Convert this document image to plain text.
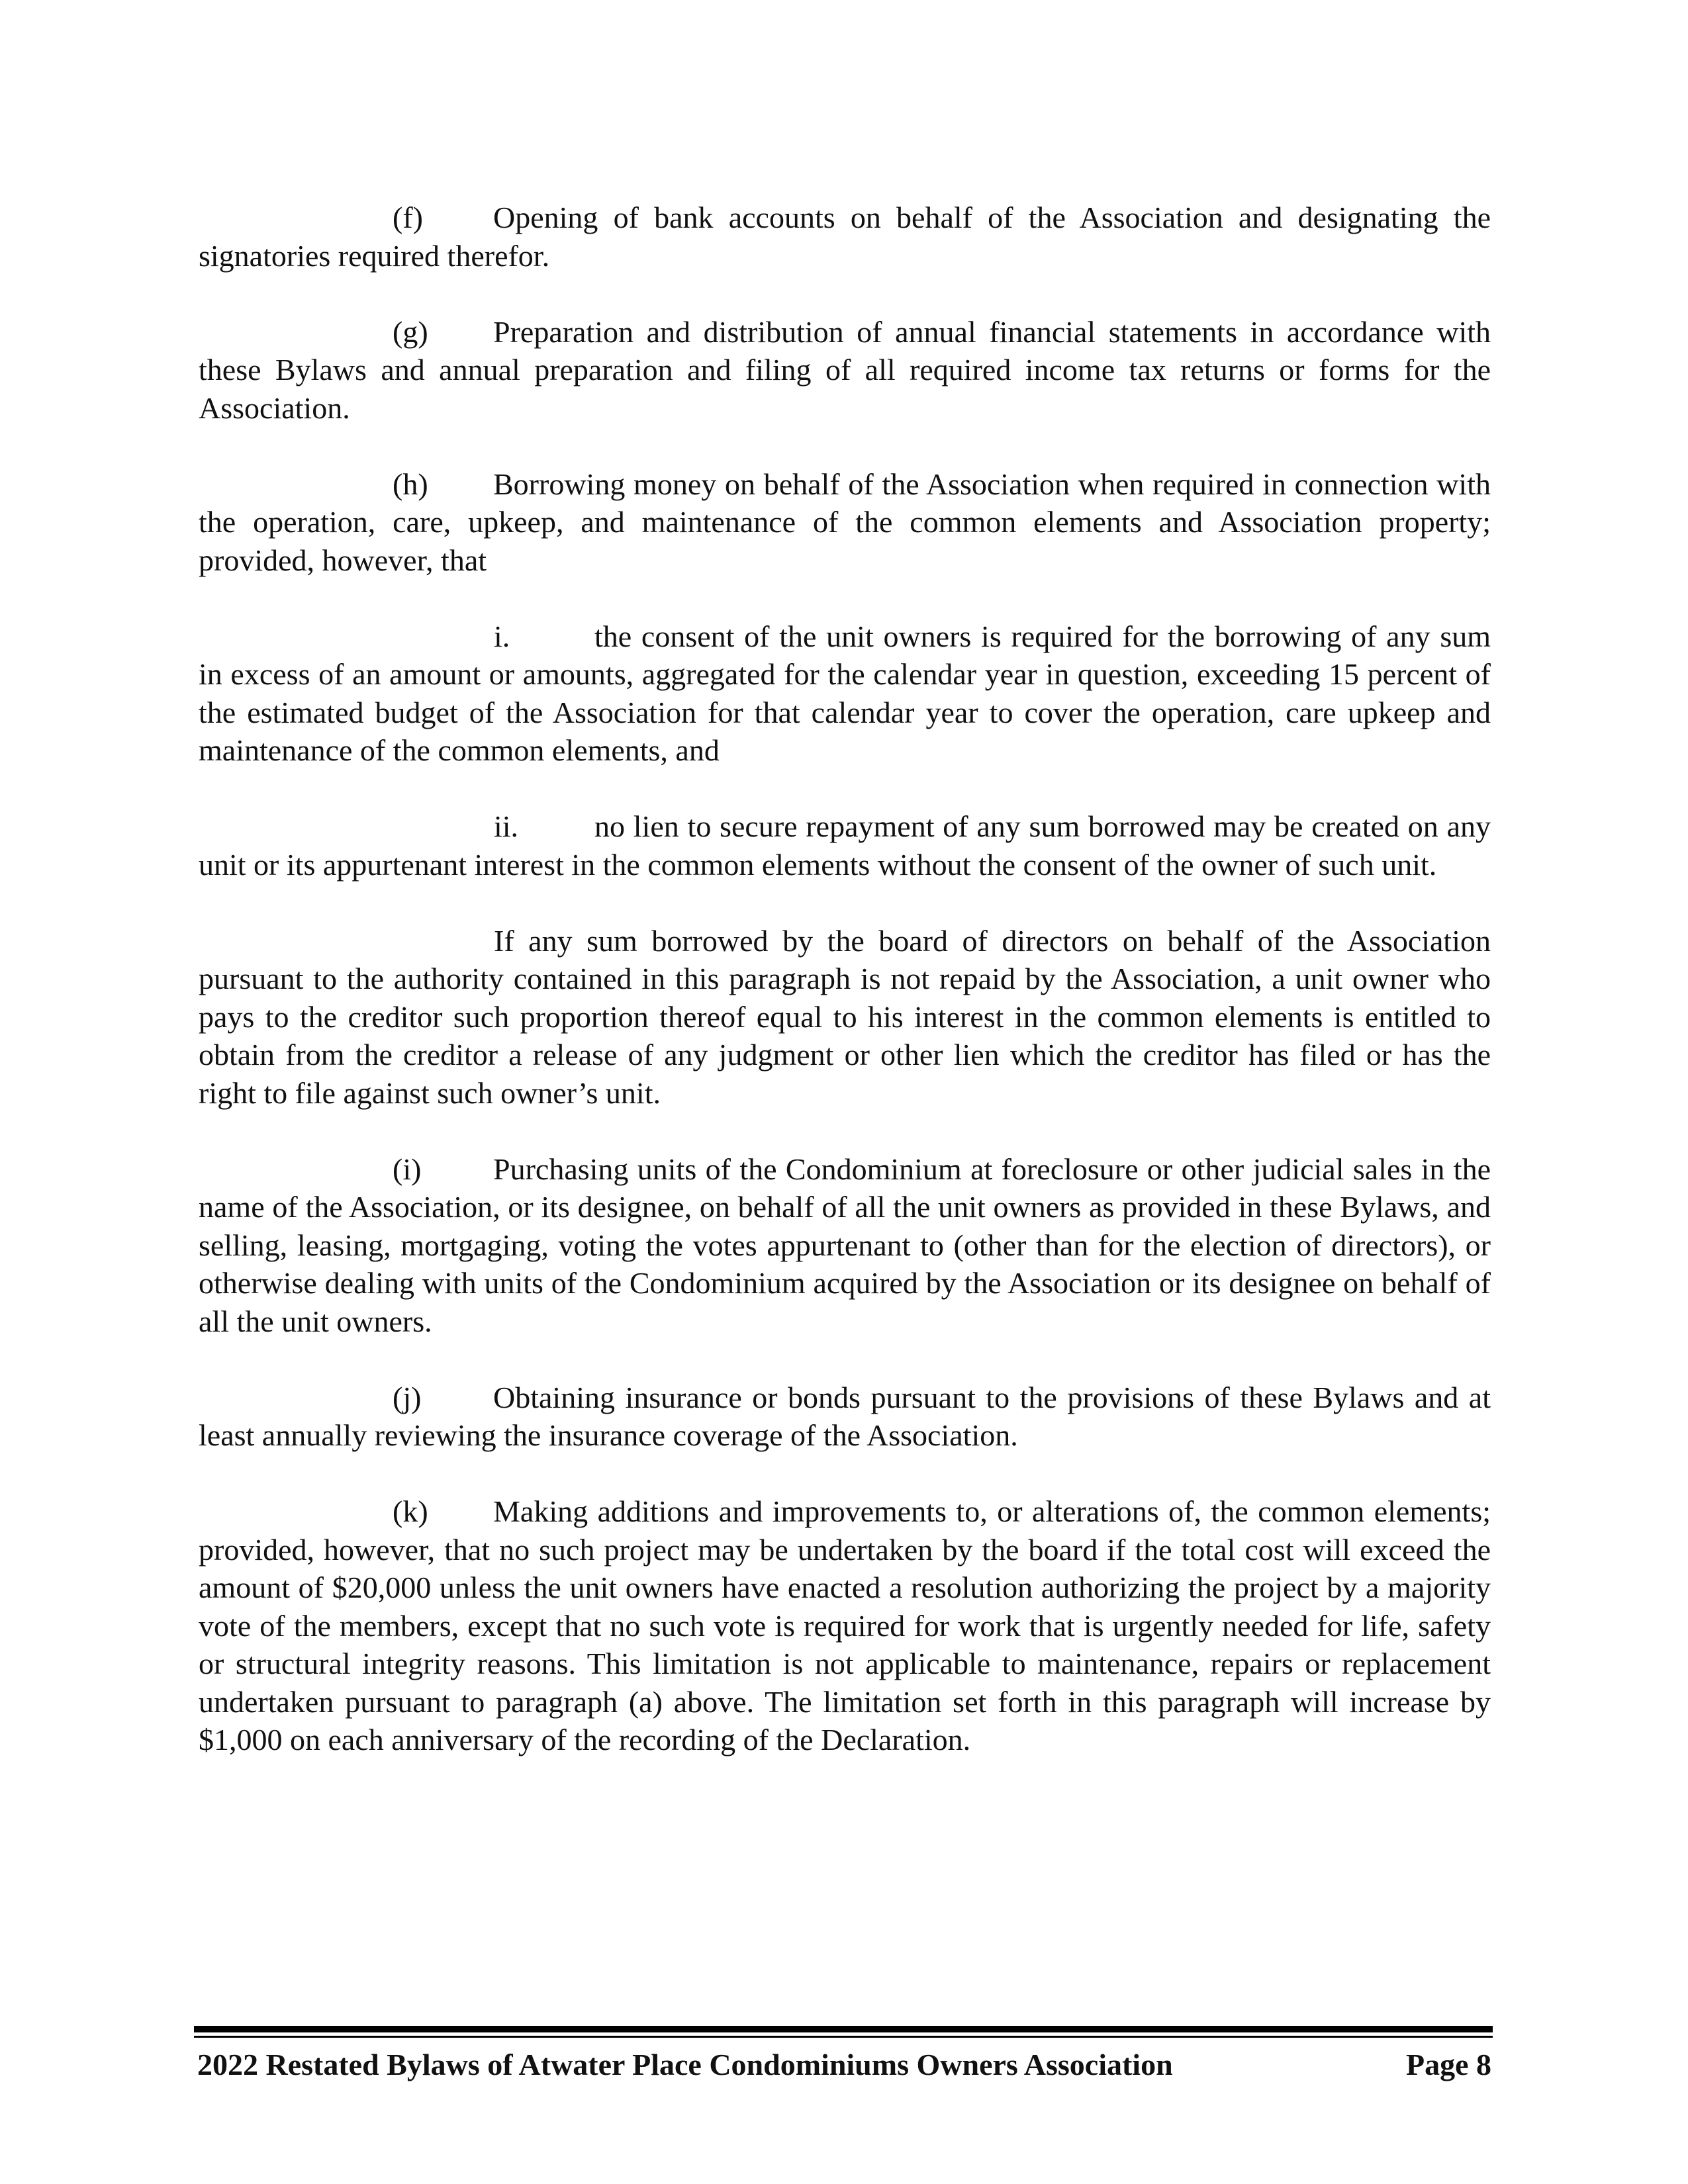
(f) Opening of bank accounts on behalf of the Association and designating the signatories required therefor.

(g) Preparation and distribution of annual financial statements in accordance with these Bylaws and annual preparation and filing of all required income tax returns or forms for the Association.

(h) Borrowing money on behalf of the Association when required in connection with the operation, care, upkeep, and maintenance of the common elements and Association property; provided, however, that

i.	the consent of the unit owners is required for the borrowing of any sum in excess of an amount or amounts, aggregated for the calendar year in question, exceeding 15 percent of the estimated budget of the Association for that calendar year to cover the operation, care upkeep and maintenance of the common elements, and

ii. no lien to secure repayment of any sum borrowed may be created on any unit or its appurtenant interest in the common elements without the consent of the owner of such unit.

If any sum borrowed by the board of directors on behalf of the Association pursuant to the authority contained in this paragraph is not repaid by the Association, a unit owner who pays to the creditor such proportion thereof equal to his interest in the common elements is entitled to obtain from the creditor a release of any judgment or other lien which the creditor has filed or has the right to file against such owner’s unit.

(i) Purchasing units of the Condominium at foreclosure or other judicial sales in the name of the Association, or its designee, on behalf of all the unit owners as provided in these Bylaws, and selling, leasing, mortgaging, voting the votes appurtenant to (other than for the election of directors), or otherwise dealing with units of the Condominium acquired by the Association or its designee on behalf of all the unit owners.

(j) Obtaining insurance or bonds pursuant to the provisions of these Bylaws and at least annually reviewing the insurance coverage of the Association.

(k) Making additions and improvements to, or alterations of, the common elements; provided, however, that no such project may be undertaken by the board if the total cost will exceed the amount of $20,000 unless the unit owners have enacted a resolution authorizing the project by a majority vote of the members, except that no such vote is required for work that is urgently needed for life, safety or structural integrity reasons. This limitation is not applicable to maintenance, repairs or replacement undertaken pursuant to paragraph (a) above. The limitation set forth in this paragraph will increase by $1,000 on each anniversary of the recording of the Declaration.

2022 Restated Bylaws of Atwater Place Condominiums Owners Association	Page 8
